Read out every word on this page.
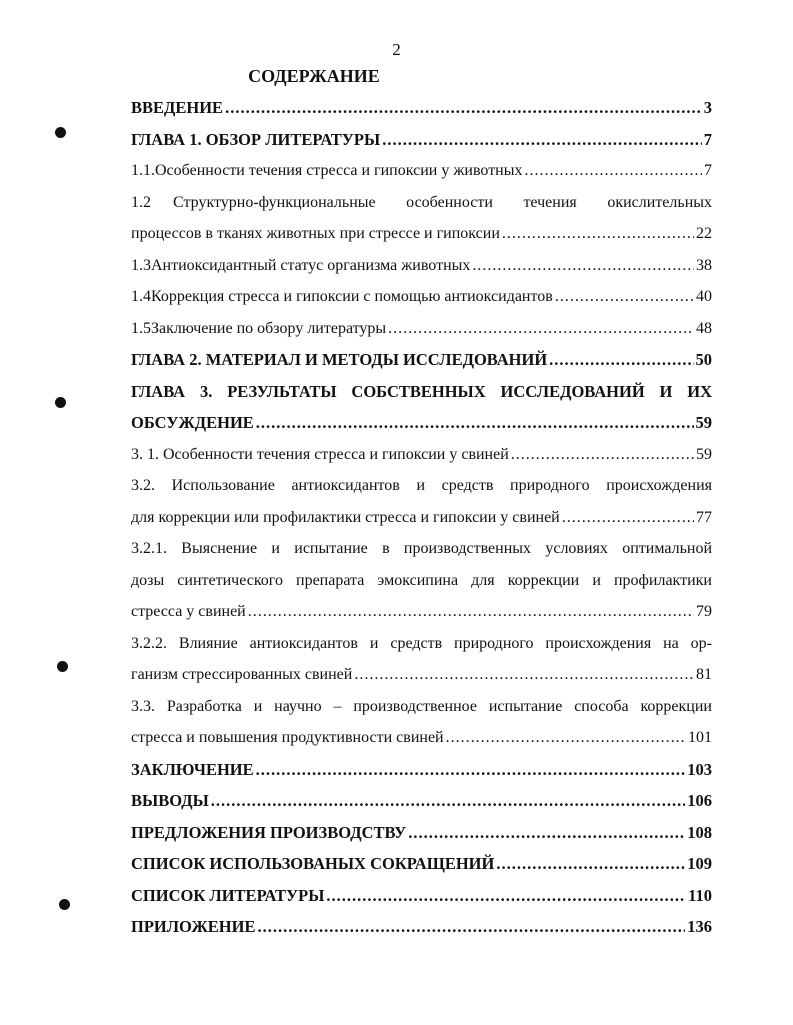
2
СОДЕРЖАНИЕ
ВВЕДЕНИЕ .....	3
ГЛАВА 1. ОБЗОР ЛИТЕРАТУРЫ .....	7
1.1. Особенности течения стресса и гипоксии у животных .....	7
1.2	Структурно-функциональные особенности течения окислительных
процессов в тканях животных при стрессе и гипоксии .....	22
1.3 Антиоксидантный статус организма животных .....	38
1.4 Коррекция стресса и гипоксии с помощью антиоксидантов .....	40
1.5 Заключение по обзору литературы .....	48
ГЛАВА 2. МАТЕРИАЛ И МЕТОДЫ ИССЛЕДОВАНИЙ .....	50
ГЛАВА 3. РЕЗУЛЬТАТЫ СОБСТВЕННЫХ ИССЛЕДОВАНИЙ И ИХ
ОБСУЖДЕНИЕ .....	59
3. 1. Особенности течения стресса и гипоксии у свиней .....	59
3.2. Использование антиоксидантов и средств природного происхождения
для коррекции или профилактики стресса и гипоксии у свиней .....	77
3.2.1. Выяснение и испытание в производственных условиях оптимальной
дозы синтетического препарата эмоксипина для коррекции и профилактики
стресса у свиней .....	79
3.2.2. Влияние антиоксидантов и средств природного происхождения на ор-
ганизм стрессированных свиней .....	81
3.3. Разработка и научно – производственное испытание способа коррекции
стресса и повышения продуктивности свиней .....	101
ЗАКЛЮЧЕНИЕ .....	103
ВЫВОДЫ .....	106
ПРЕДЛОЖЕНИЯ ПРОИЗВОДСТВУ .....	108
СПИСОК ИСПОЛЬЗОВАНЫХ СОКРАЩЕНИЙ .....	109
СПИСОК ЛИТЕРАТУРЫ .....	110
ПРИЛОЖЕНИЕ .....	136
